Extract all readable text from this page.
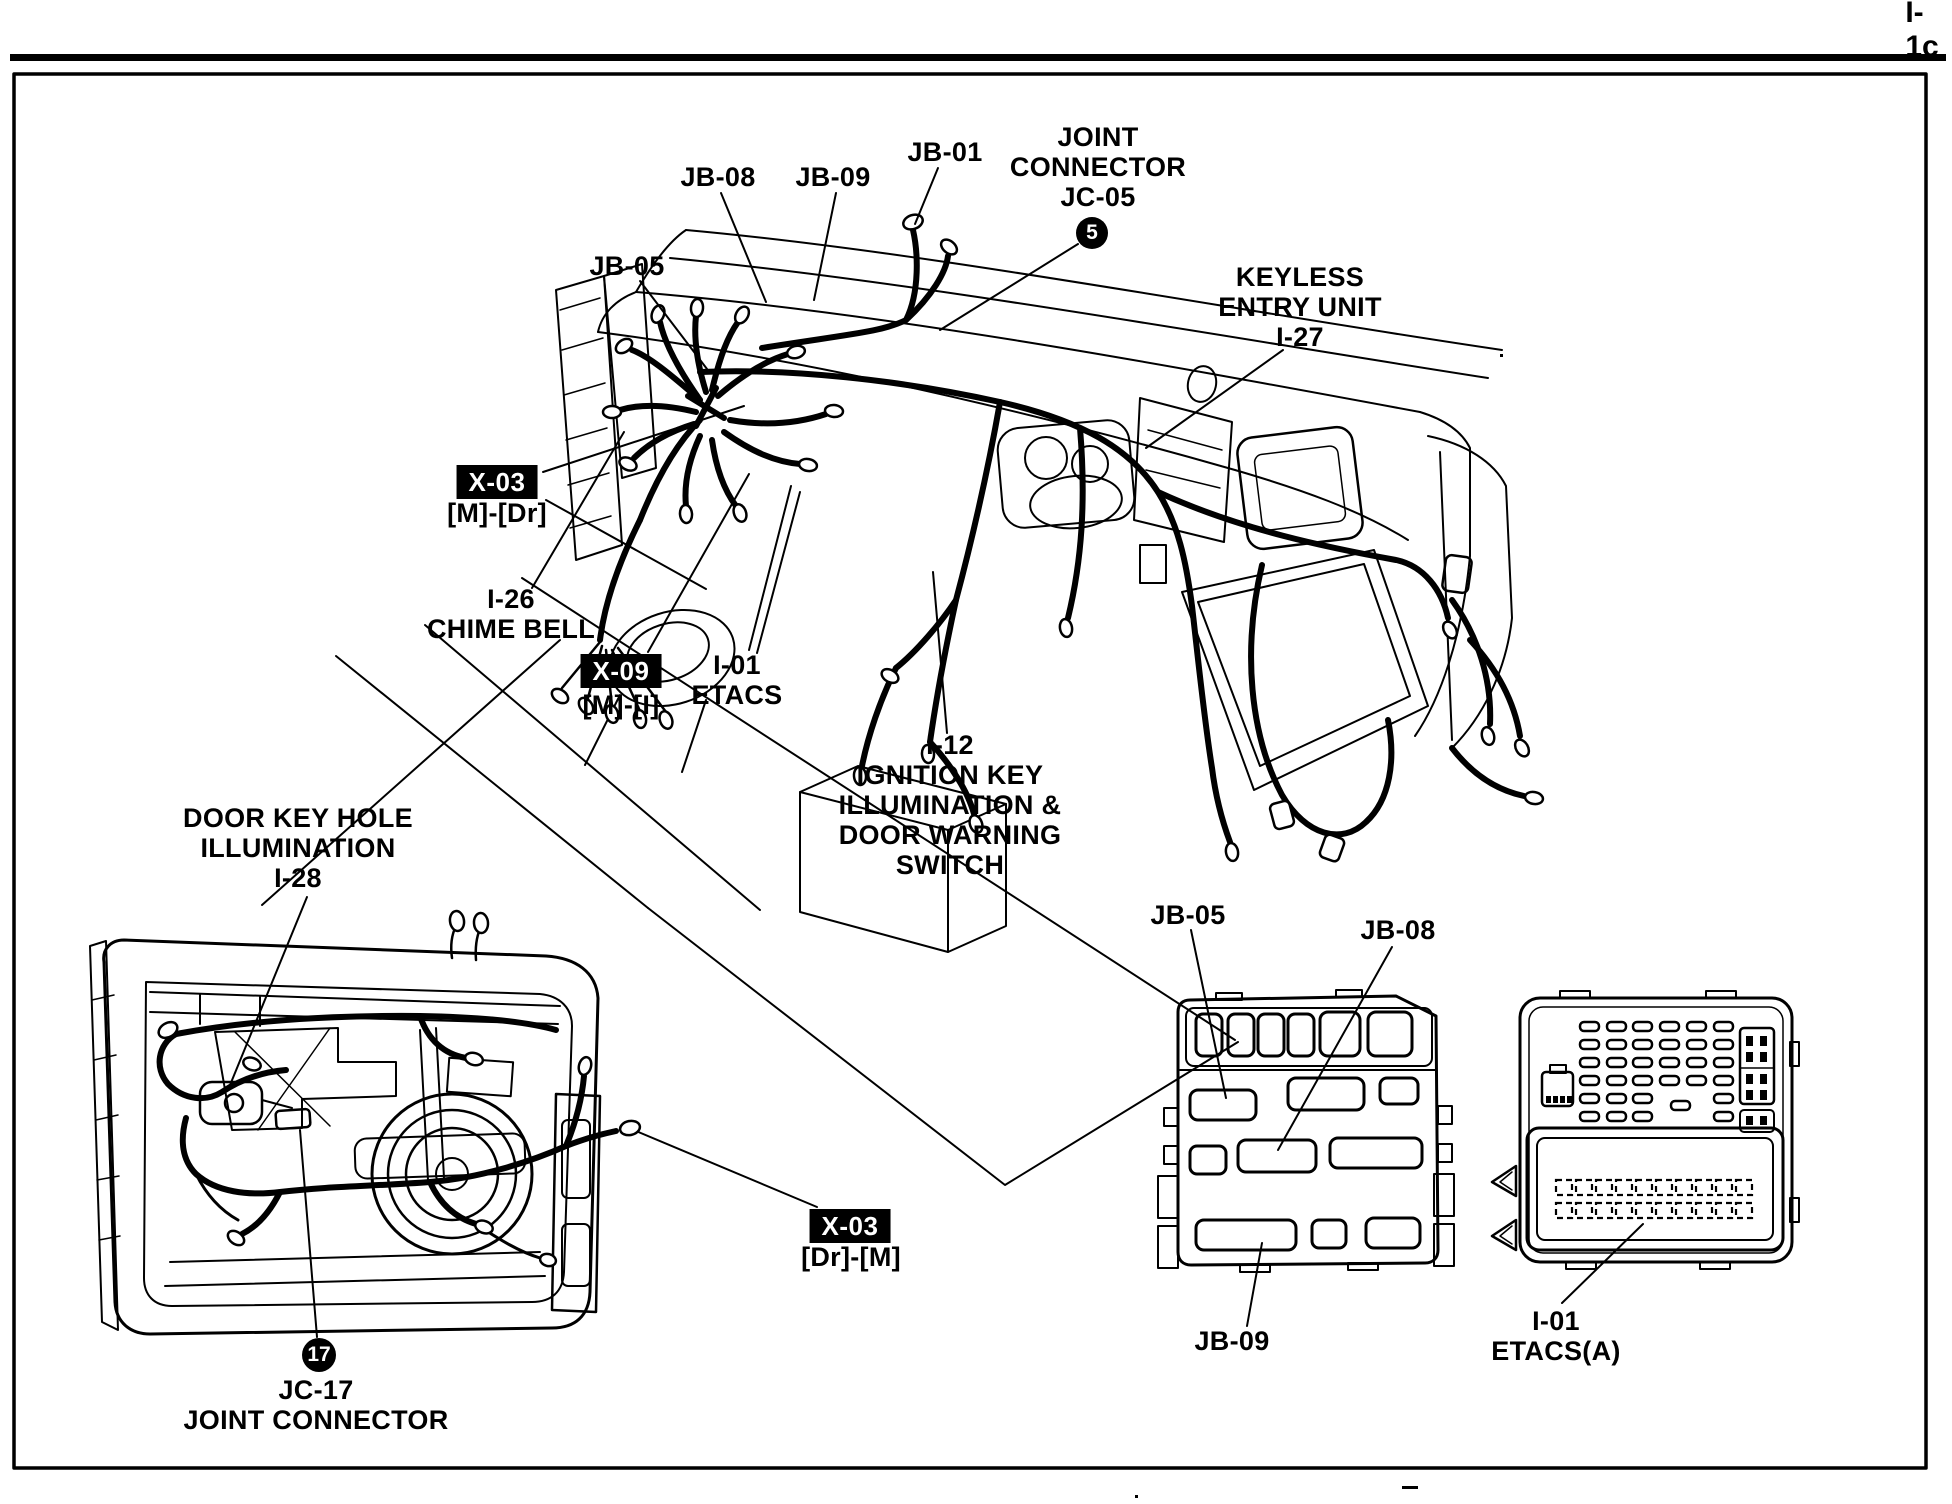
I-1c
JB-05
JB-08 JB-09
JB-01	JOINT
CONNECTOR
JC-05
5
KEYLESS
ENTRY UNIT
I-27
X-03
[M]-[Dr]
I-26
CHIME BELL
X-09
[M]-[I]
I-01
ETACS
I-12
IGNITION KEY
ILLUMINATION &
DOOR WARNING
SWITCH
DOOR KEY HOLE
ILLUMINATION
I-28
X-03
[Dr]-[M]
17
JC-17
JOINT CONNECTOR
JB-05	JB-08
JB-09
I-01
ETACS(A)
